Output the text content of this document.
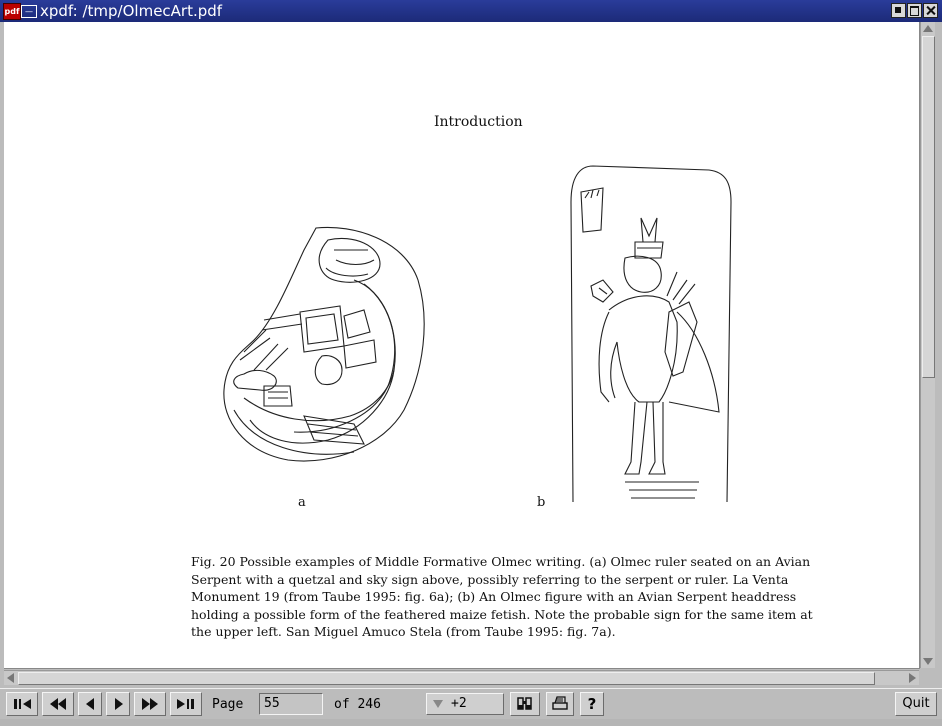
pdf — xpdf: /tmp/OlmecArt.pdf
Introduction
a	b
Fig. 20 Possible examples of Middle Formative Olmec writing. (a) Olmec ruler seated on an Avian
Serpent with a quetzal and sky sign above, possibly referring to the serpent or ruler. La Venta
Monument 19 (from Taube 1995: fig. 6a); (b) An Olmec figure with an Avian Serpent headdress
holding a possible form of the feathered maize fetish. Note the probable sign for the same item at
the upper left. San Miguel Amuco Stela (from Taube 1995: fig. 7a).
Page	55	of 246	+2	?	Quit
